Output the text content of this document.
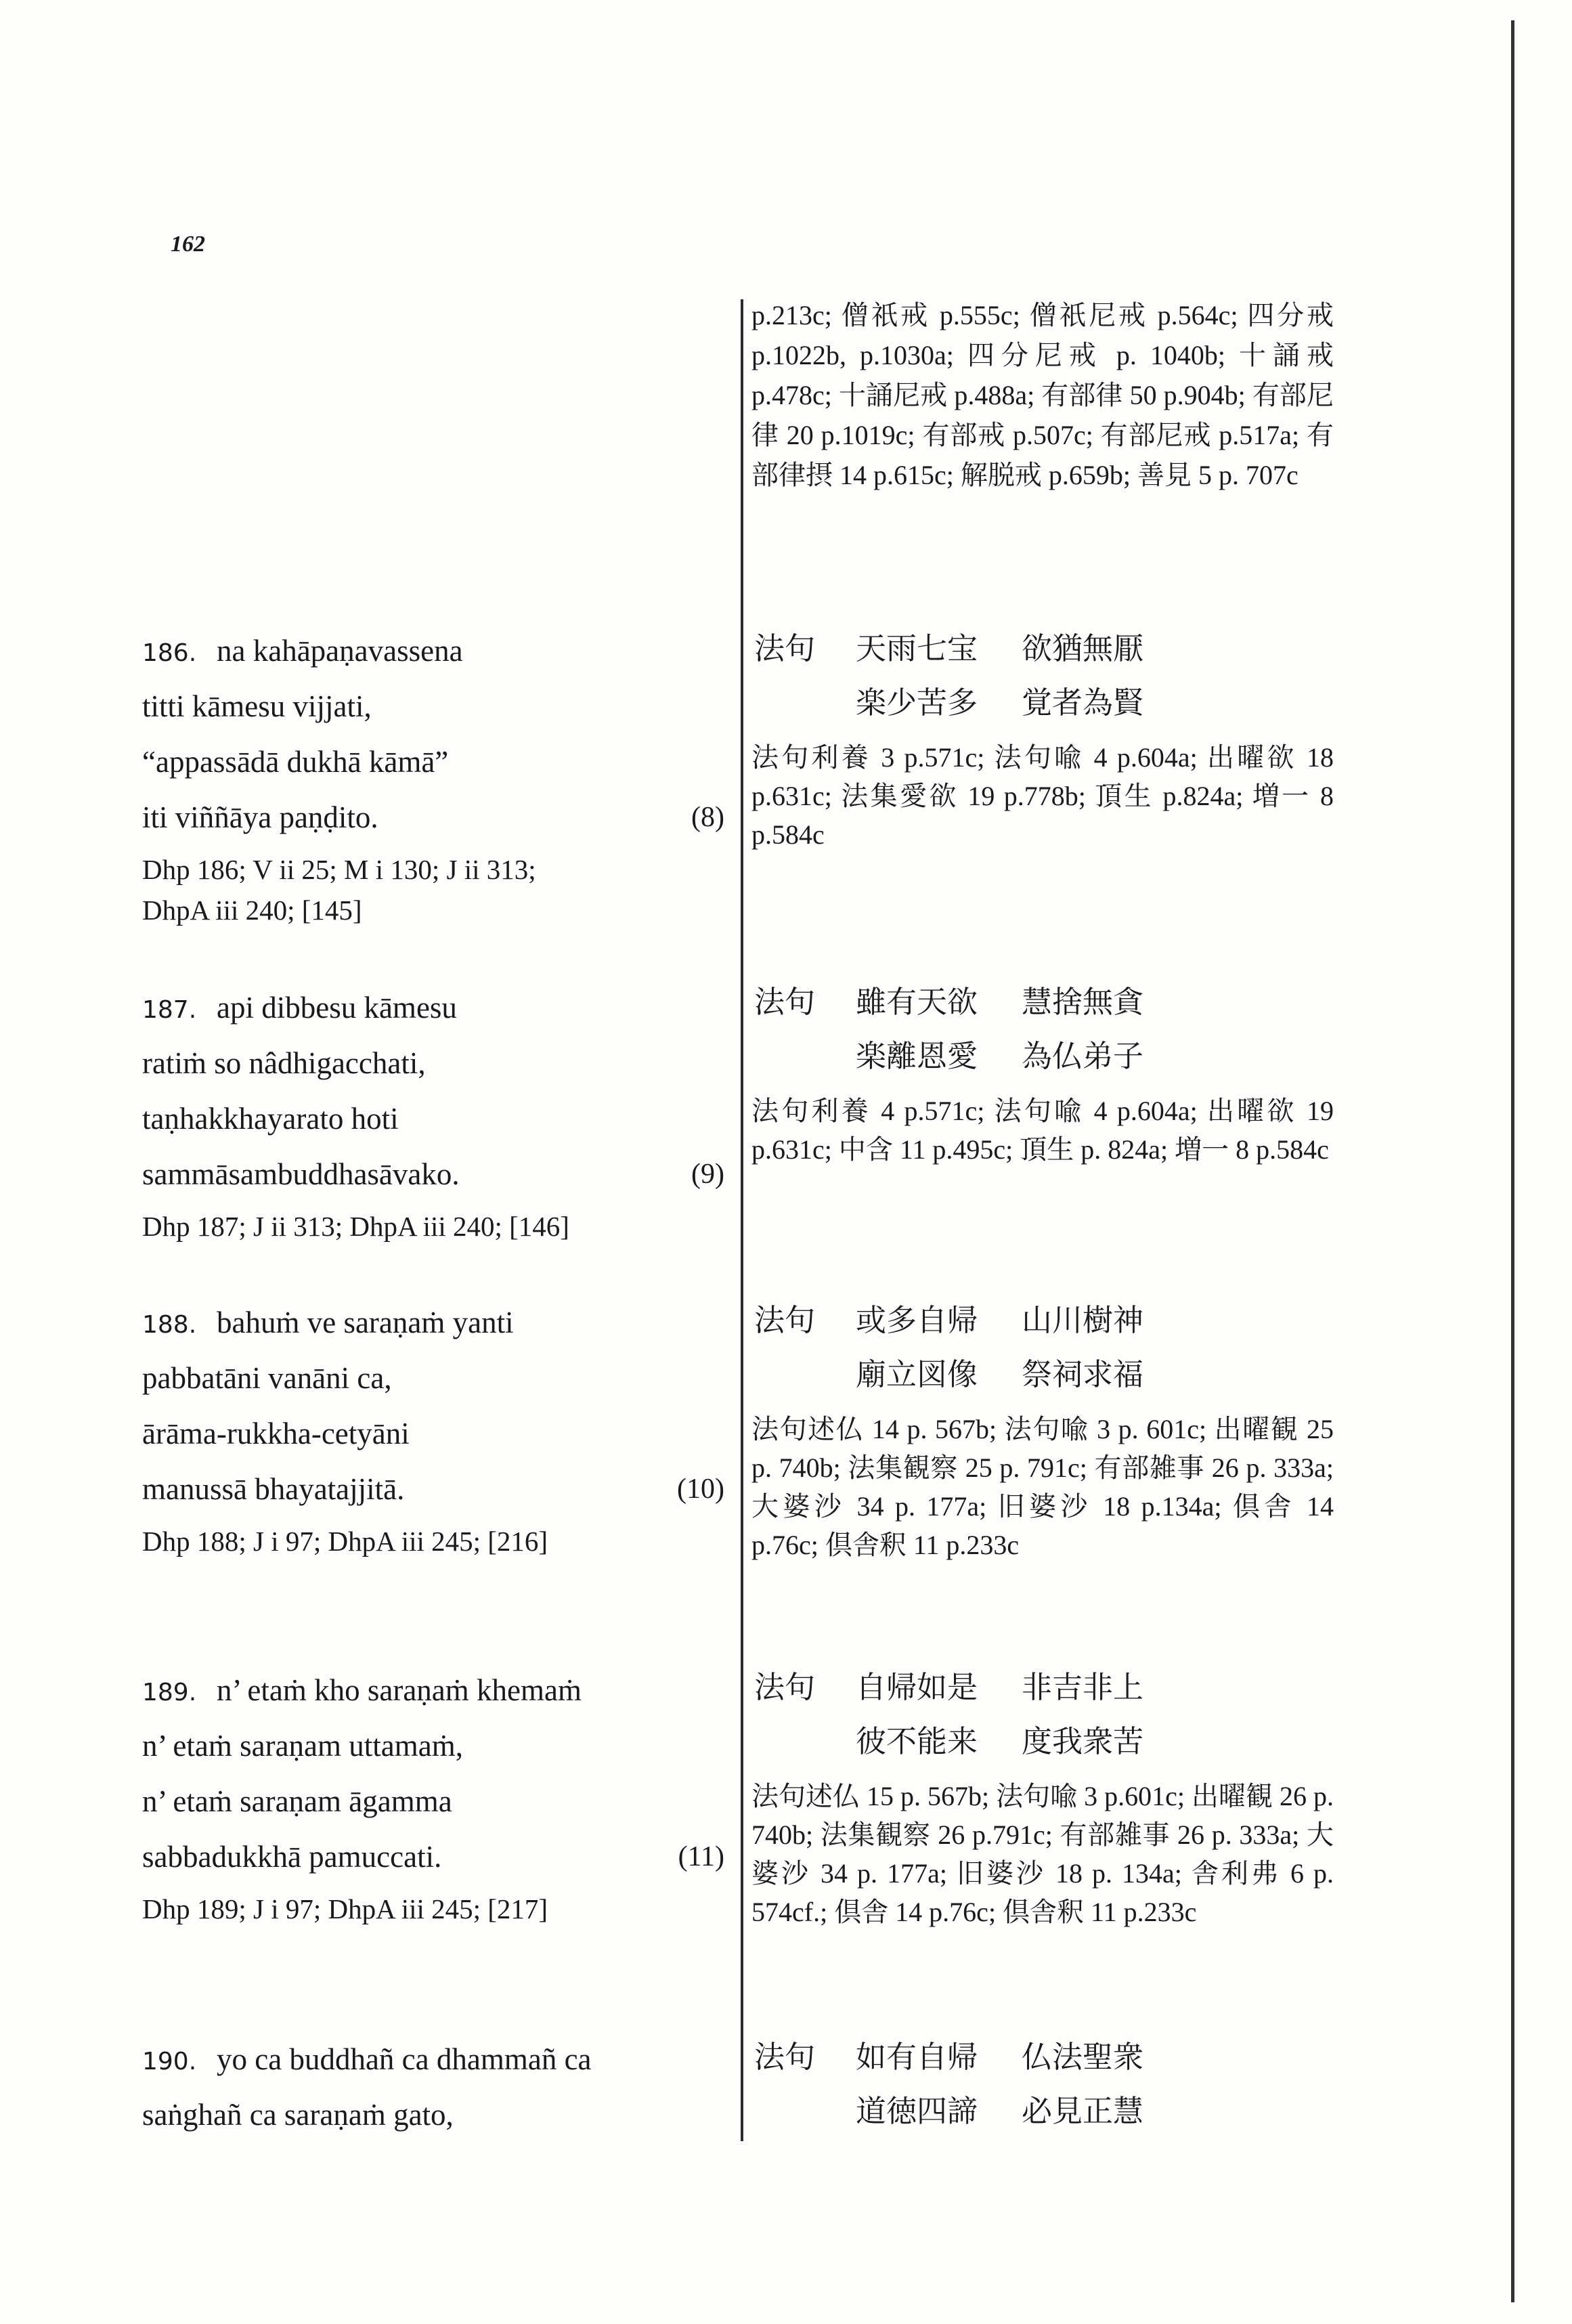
162
p.213c; 僧祇戒 p.555c; 僧祇尼戒 p.564c; 四分戒 p.1022b, p.1030a; 四分尼戒 p. 1040b; 十誦戒 p.478c; 十誦尼戒 p.488a; 有部律 50 p.904b; 有部尼律 20 p.1019c; 有部戒 p.507c; 有部尼戒 p.517a; 有部律摂 14 p.615c; 解脱戒 p.659b; 善見 5 p. 707c
186. na kahāpaṇavassena
titti kāmesu vijjati,
“appassādā dukhā kāmā”
iti viññāya paṇḍito.	(8)
Dhp 186; V ii 25; M i 130; J ii 313;
DhpA iii 240; [145]
法句 天雨七宝 欲猶無厭
楽少苦多 覚者為賢
法句利養 3 p.571c; 法句喩 4 p.604a; 出曜欲 18 p.631c; 法集愛欲 19 p.778b; 頂生 p.824a; 増一 8 p.584c
187. api dibbesu kāmesu
ratiṁ so nâdhigacchati,
taṇhakkhayarato hoti
sammāsambuddhasāvako.	(9)
Dhp 187; J ii 313; DhpA iii 240; [146]
法句 雖有天欲 慧捨無貪
楽離恩愛 為仏弟子
法句利養 4 p.571c; 法句喩 4 p.604a; 出曜欲 19 p.631c; 中含 11 p.495c; 頂生 p. 824a; 増一 8 p.584c
188. bahuṁ ve saraṇaṁ yanti
pabbatāni vanāni ca,
ārāma-rukkha-cetyāni
manussā bhayatajjitā.	(10)
Dhp 188; J i 97; DhpA iii 245; [216]
法句 或多自帰 山川樹神
廟立図像 祭祠求福
法句述仏 14 p. 567b; 法句喩 3 p. 601c; 出曜観 25 p. 740b; 法集観察 25 p. 791c; 有部雑事 26 p. 333a; 大婆沙 34 p. 177a; 旧婆沙 18 p.134a; 倶舎 14 p.76c; 倶舎釈 11 p.233c
189. n’ etaṁ kho saraṇaṁ khemaṁ
n’ etaṁ saraṇam uttamaṁ,
n’ etaṁ saraṇam āgamma
sabbadukkhā pamuccati.	(11)
Dhp 189; J i 97; DhpA iii 245; [217]
法句 自帰如是 非吉非上
彼不能来 度我衆苦
法句述仏 15 p. 567b; 法句喩 3 p.601c; 出曜観 26 p. 740b; 法集観察 26 p.791c; 有部雑事 26 p. 333a; 大婆沙 34 p. 177a; 旧婆沙 18 p. 134a; 舎利弗 6 p. 574cf.; 倶舎 14 p.76c; 倶舎釈 11 p.233c
190. yo ca buddhañ ca dhammañ ca
saṅghañ ca saraṇaṁ gato,
法句 如有自帰 仏法聖衆
道徳四諦 必見正慧
